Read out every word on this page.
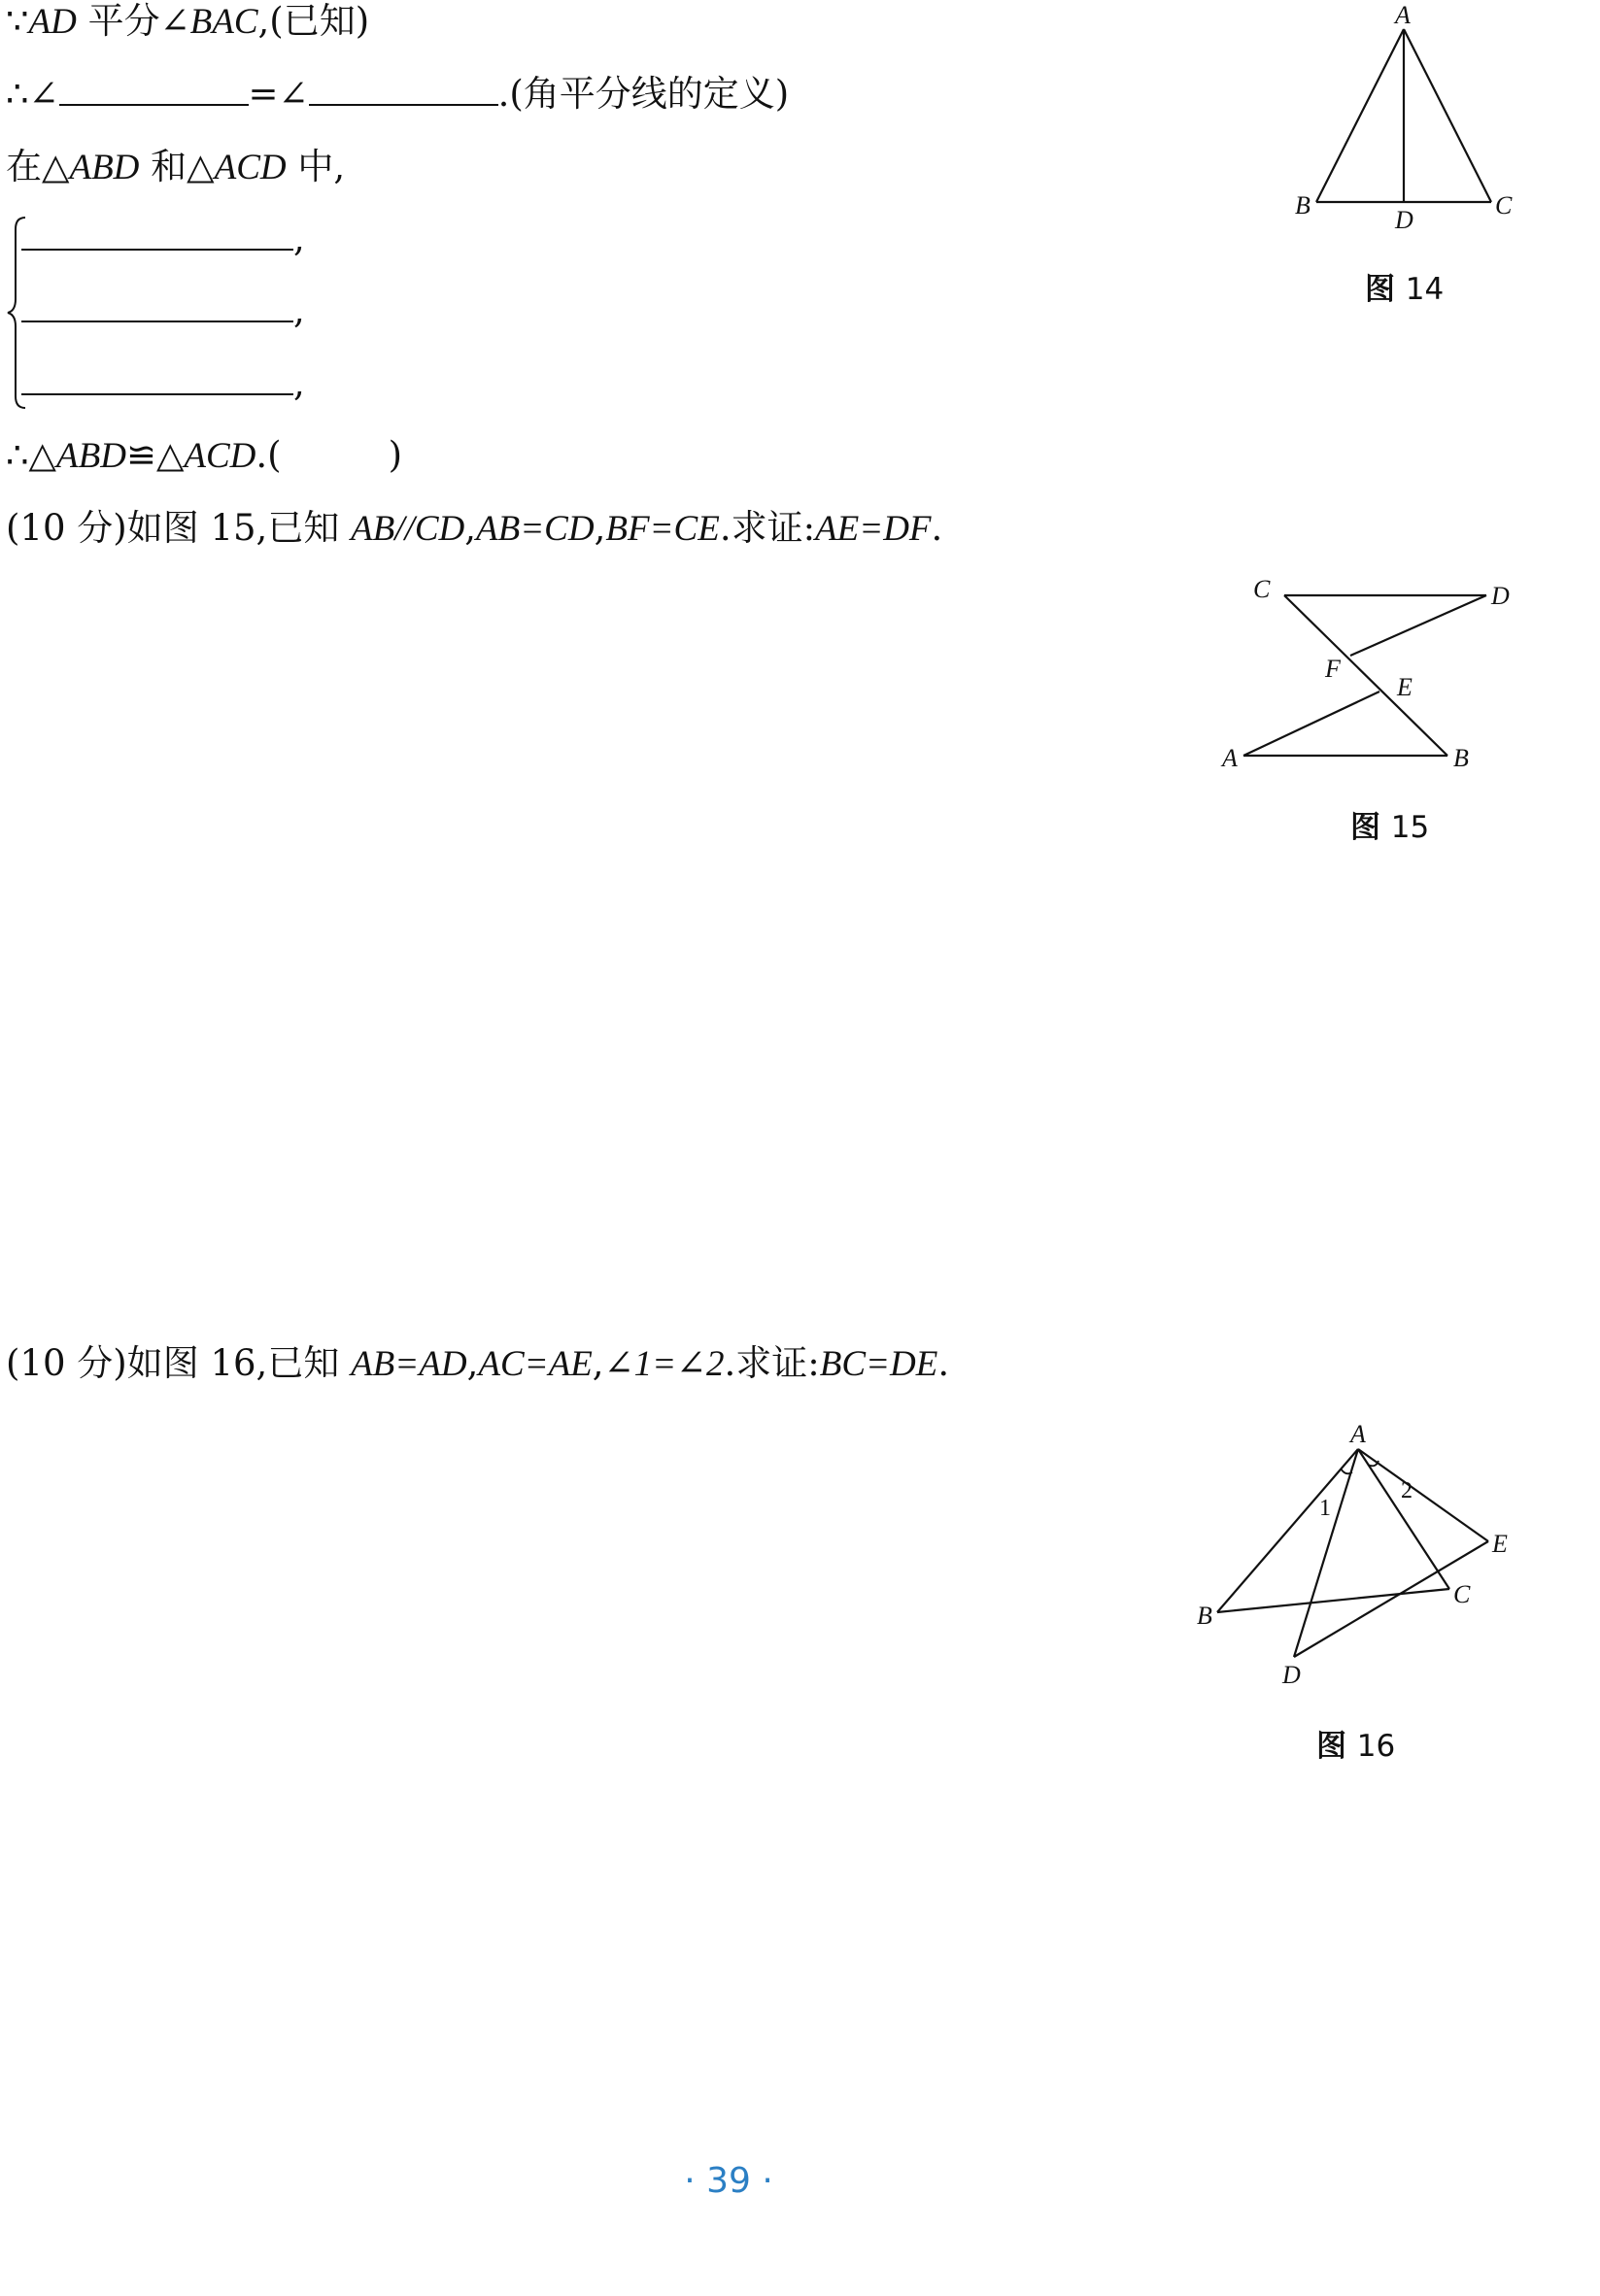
∵AD 平分∠BAC,(已知)
∴∠	=∠	.(角平分线的定义)
在△ABD 和△ACD 中,
,
,
,
∴△ABD≌△ACD.(	)
(10 分)如图 15,已知 AB//CD,AB=CD,BF=CE.求证:AE=DF.
(10 分)如图 16,已知 AB=AD,AC=AE,∠1=∠2.求证:BC=DE.
A
B	C
D
图 14
C	D
F
E
A	B
图 15
A
B
C
D
E
1
2
图 16
· 39 ·
